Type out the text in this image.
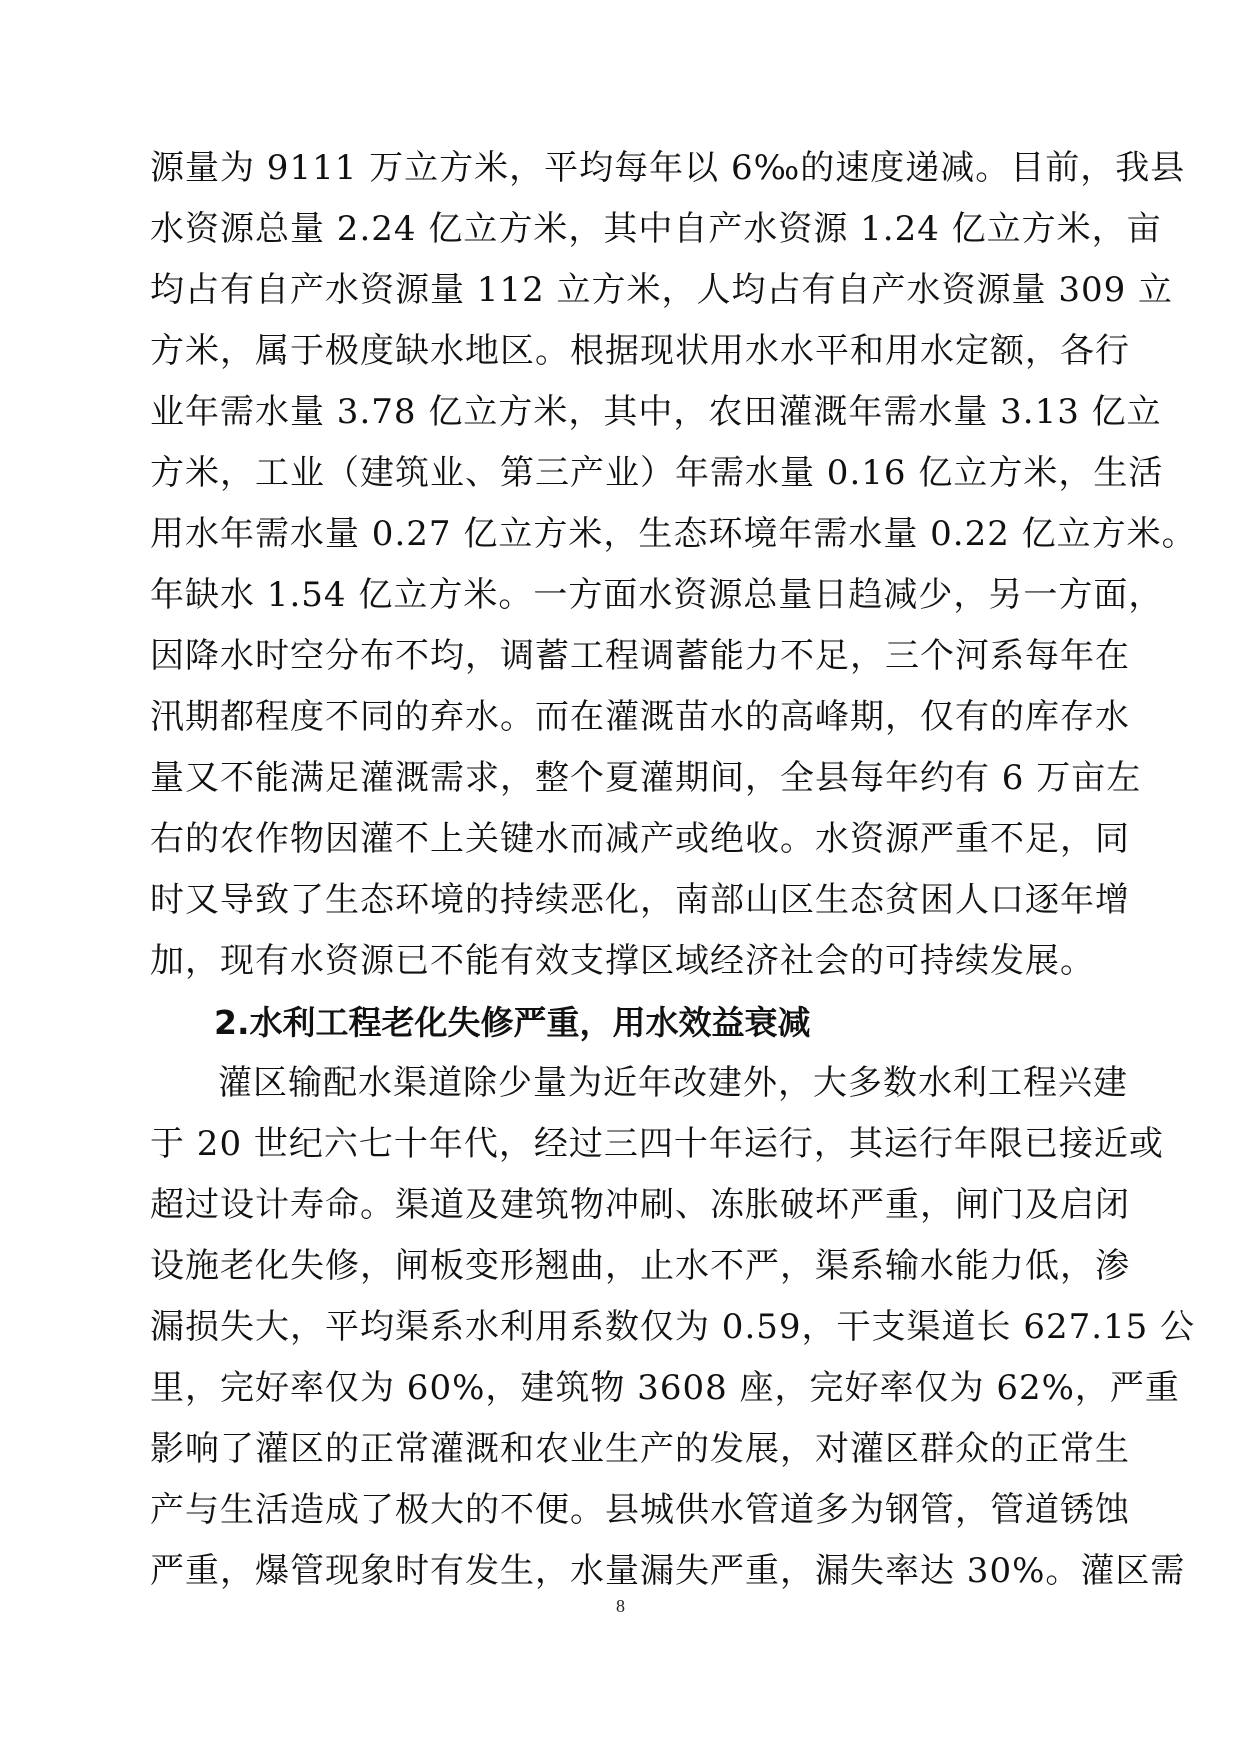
源量为 9111 万立方米，平均每年以 6‰的速度递减。目前，我县
水资源总量 2.24 亿立方米，其中自产水资源 1.24 亿立方米，亩
均占有自产水资源量 112 立方米，人均占有自产水资源量 309 立
方米，属于极度缺水地区。根据现状用水水平和用水定额，各行
业年需水量 3.78 亿立方米，其中，农田灌溉年需水量 3.13 亿立
方米，工业（建筑业、第三产业）年需水量 0.16 亿立方米，生活
用水年需水量 0.27 亿立方米，生态环境年需水量 0.22 亿立方米。
年缺水 1.54 亿立方米。一方面水资源总量日趋减少，另一方面，
因降水时空分布不均，调蓄工程调蓄能力不足，三个河系每年在
汛期都程度不同的弃水。而在灌溉苗水的高峰期，仅有的库存水
量又不能满足灌溉需求，整个夏灌期间，全县每年约有 6 万亩左
右的农作物因灌不上关键水而减产或绝收。水资源严重不足，同
时又导致了生态环境的持续恶化，南部山区生态贫困人口逐年增
加，现有水资源已不能有效支撑区域经济社会的可持续发展。
2.水利工程老化失修严重，用水效益衰减
灌区输配水渠道除少量为近年改建外，大多数水利工程兴建
于 20 世纪六七十年代，经过三四十年运行，其运行年限已接近或
超过设计寿命。渠道及建筑物冲刷、冻胀破坏严重，闸门及启闭
设施老化失修，闸板变形翘曲，止水不严，渠系输水能力低，渗
漏损失大，平均渠系水利用系数仅为 0.59，干支渠道长 627.15 公
里，完好率仅为 60%，建筑物 3608 座，完好率仅为 62%，严重
影响了灌区的正常灌溉和农业生产的发展，对灌区群众的正常生
产与生活造成了极大的不便。县城供水管道多为钢管，管道锈蚀
严重，爆管现象时有发生，水量漏失严重，漏失率达 30%。灌区需
8
